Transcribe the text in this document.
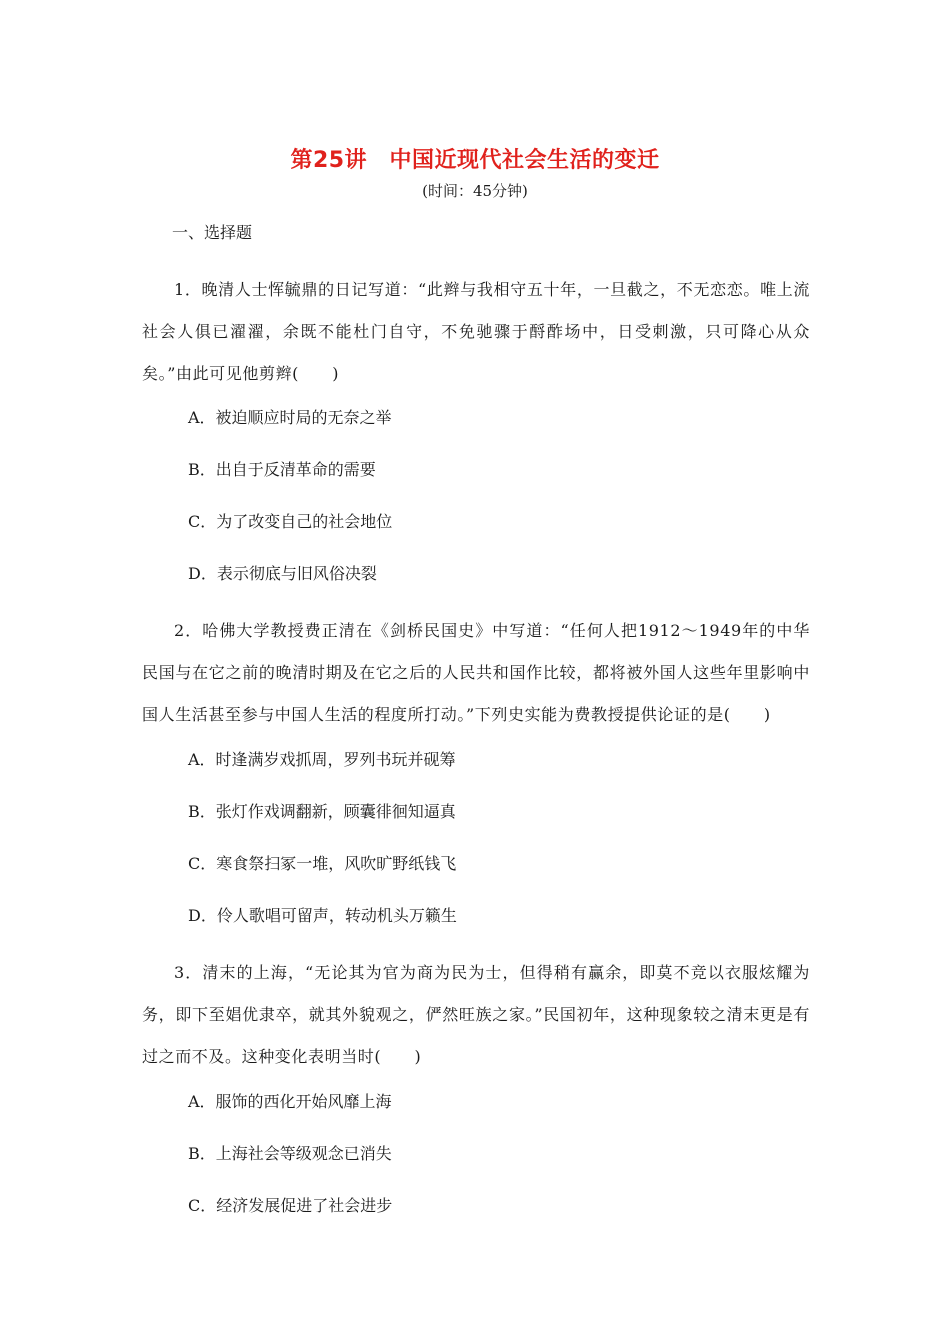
第25讲　中国近现代社会生活的变迁
(时间：45分钟)
一、选择题
1．晚清人士恽毓鼎的日记写道：“此辫与我相守五十年，一旦截之，不无恋恋。唯上流社会人俱已濯濯，余既不能杜门自守，不免驰骤于酹酢场中，日受刺激，只可降心从众矣。”由此可见他剪辫(　　)
A．被迫顺应时局的无奈之举
B．出自于反清革命的需要
C．为了改变自己的社会地位
D．表示彻底与旧风俗决裂
2．哈佛大学教授费正清在《剑桥民国史》中写道：“任何人把1912～1949年的中华民国与在它之前的晚清时期及在它之后的人民共和国作比较，都将被外国人这些年里影响中国人生活甚至参与中国人生活的程度所打动。”下列史实能为费教授提供论证的是(　　)
A．时逢满岁戏抓周，罗列书玩并砚筹
B．张灯作戏调翻新，顾囊徘徊知逼真
C．寒食祭扫冢一堆，风吹旷野纸钱飞
D．伶人歌唱可留声，转动机头万籁生
3．清末的上海，“无论其为官为商为民为士，但得稍有赢余，即莫不竞以衣服炫耀为务，即下至娼优隶卒，就其外貌观之，俨然旺族之家。”民国初年，这种现象较之清末更是有过之而不及。这种变化表明当时(　　)
A．服饰的西化开始风靡上海
B．上海社会等级观念已消失
C．经济发展促进了社会进步
